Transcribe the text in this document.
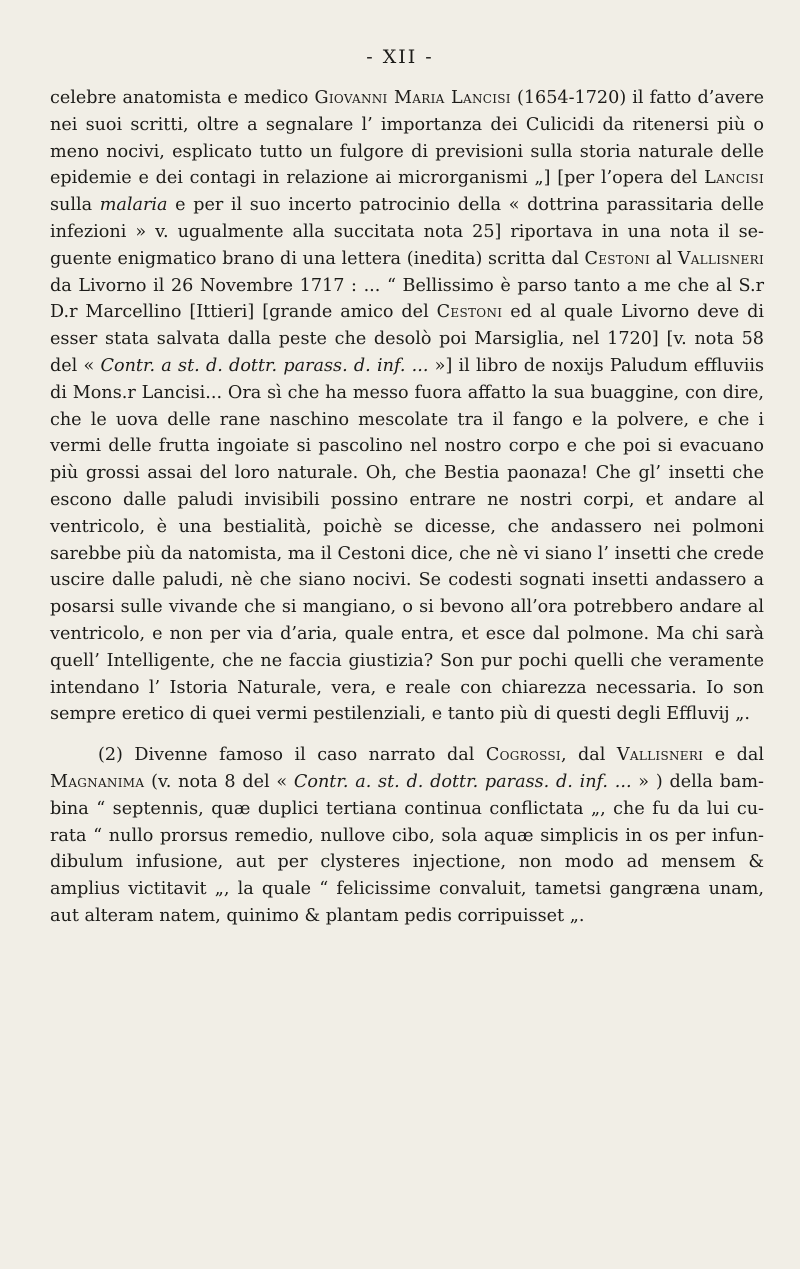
- XII -

celebre anatomista e medico Giovanni Maria Lancisi (1654-1720) il fatto d’avere nei suoi scritti, oltre a segnalare l’ importanza dei Culicidi da ritenersi più o meno nocivi, esplicato tutto un fulgore di previsioni sulla storia naturale delle epidemie e dei contagi in relazione ai microrganismi „] [per l’opera del Lancisi sulla malaria e per il suo incerto patrocinio della « dottrina parassitaria delle infezioni » v. ugualmente alla succitata nota 25] riportava in una nota il seguente enigmatico brano di una lettera (inedita) scritta dal Cestoni al Vallisneri da Livorno il 26 Novembre 1717 : ... “ Bellissimo è parso tanto a me che al S.r D.r Marcellino [Ittieri] [grande amico del Cestoni ed al quale Livorno deve di esser stata salvata dalla peste che desolò poi Marsiglia, nel 1720] [v. nota 58 del « Contr. a st. d. dottr. parass. d. inf. ... »] il libro de noxijs Paludum effluviis di Mons.r Lancisi... Ora sì che ha messo fuora affatto la sua buaggine, con dire, che le uova delle rane naschino mescolate tra il fango e la polvere, e che i vermi delle frutta ingoiate si pascolino nel nostro corpo e che poi si evacuano più grossi assai del loro naturale. Oh, che Bestia paonaza! Che gl’ insetti che escono dalle paludi invisibili possino entrare ne nostri corpi, et andare al ventricolo, è una bestialità, poichè se dicesse, che andassero nei polmoni sarebbe più da natomista, ma il Cestoni dice, che nè vi siano l’ insetti che crede uscire dalle paludi, nè che siano nocivi. Se codesti sognati insetti andassero a posarsi sulle vivande che si mangiano, o si bevono all’ora potrebbero andare al ventricolo, e non per via d’aria, quale entra, et esce dal polmone. Ma chi sarà quell’ Intelligente, che ne faccia giustizia? Son pur pochi quelli che veramente intendano l’ Istoria Naturale, vera, e reale con chiarezza necessaria. Io son sempre eretico di quei vermi pestilenziali, e tanto più di questi degli Effluvij „.

(2) Divenne famoso il caso narrato dal Cogrossi, dal Vallisneri e dal Magnanima (v. nota 8 del « Contr. a. st. d. dottr. parass. d. inf. ... » ) della bambina “ septennis, quæ duplici tertiana continua conflictata „, che fu da lui curata “ nullo prorsus remedio, nullove cibo, sola aquæ simplicis in os per infundibulum infusione, aut per clysteres injectione, non modo ad mensem & amplius victitavit „, la quale “ felicissime convaluit, tametsi gangræna unam, aut alteram natem, quinimo & plantam pedis corripuisset „.
